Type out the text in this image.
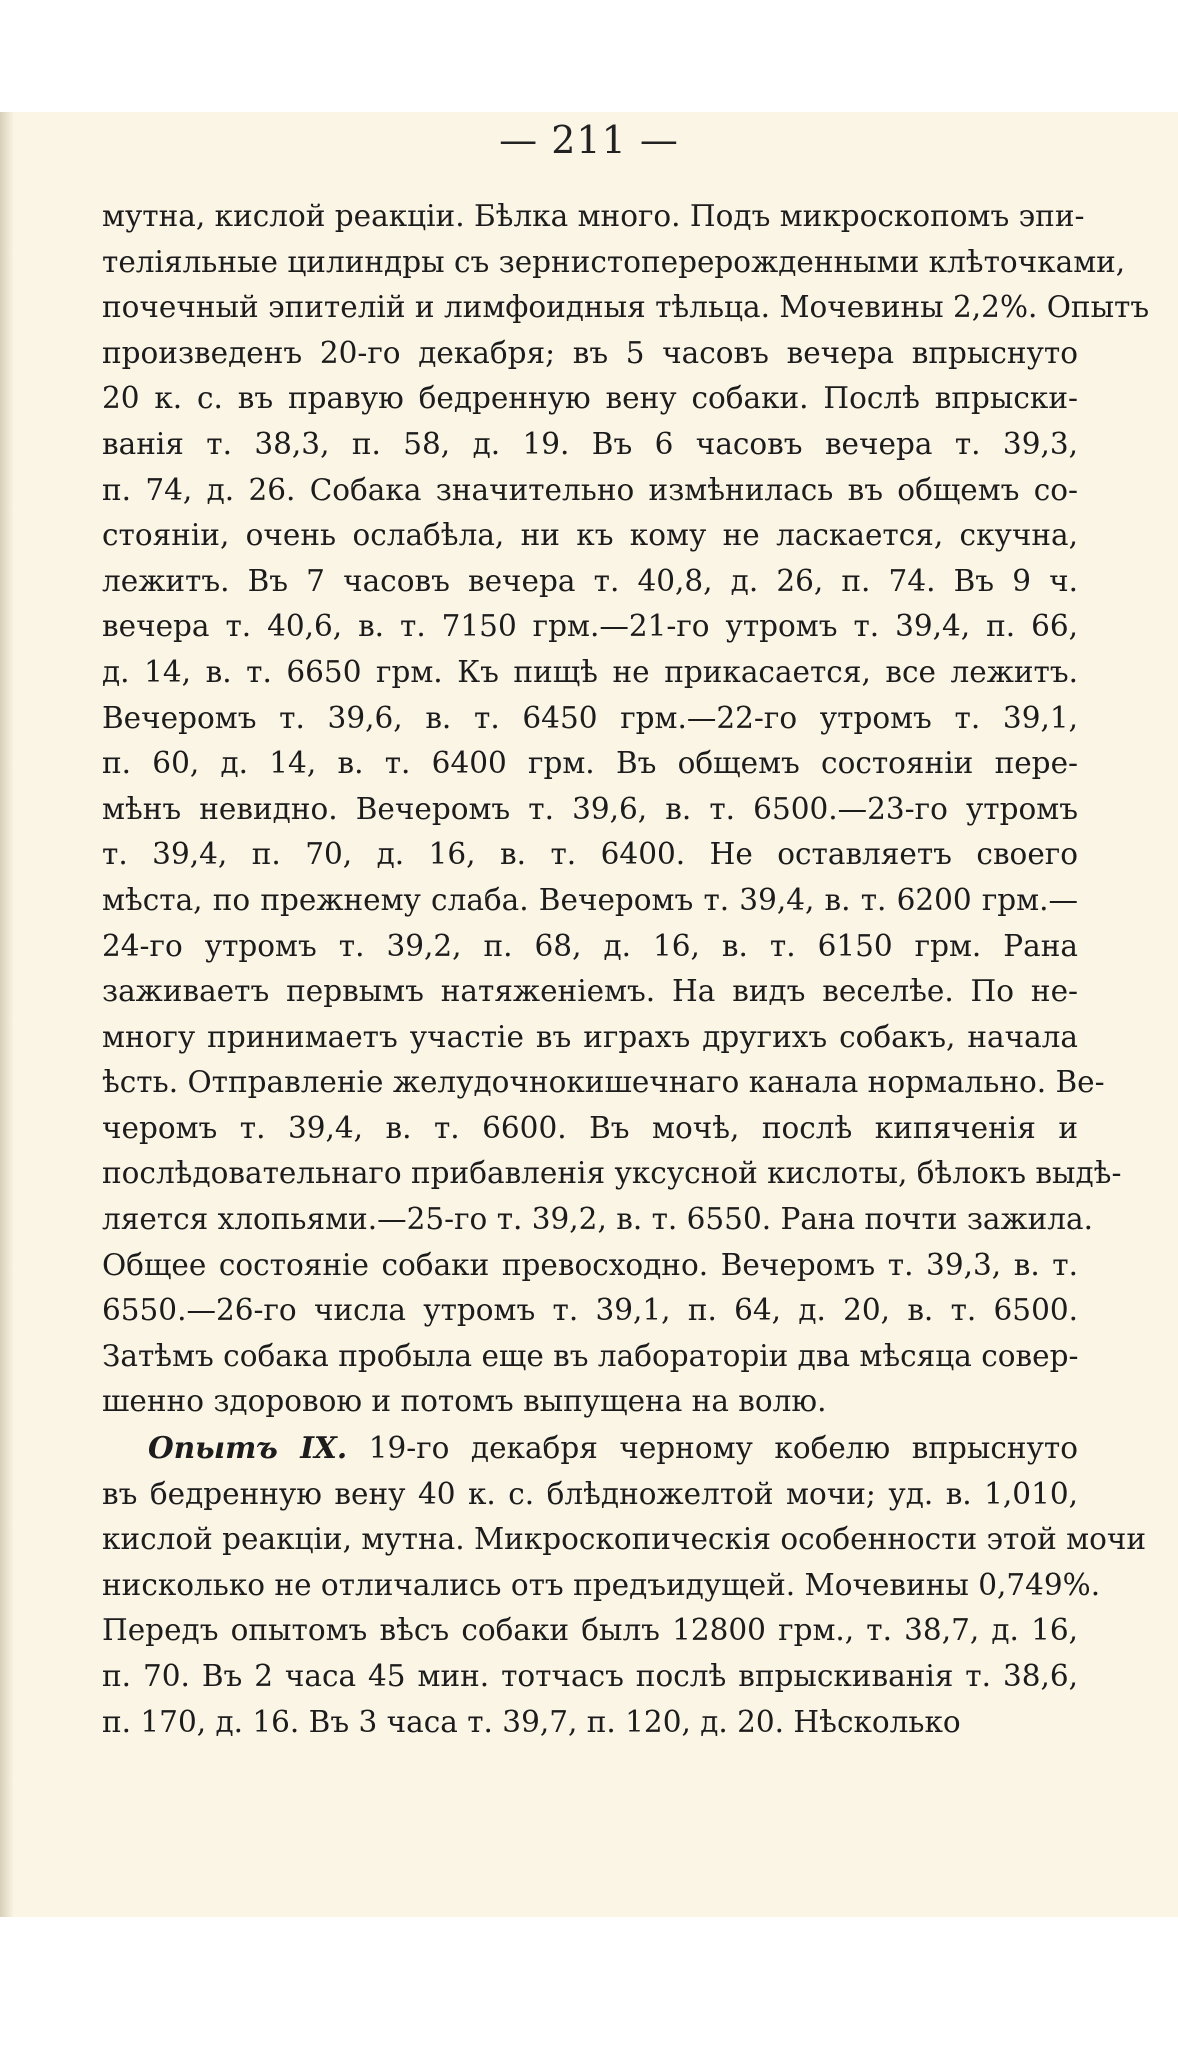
— 211 —
мутна, кислой реакціи. Бѣлка много. Подъ микроскопомъ эпи-
теліяльные цилиндры съ зернистоперерожденными клѣточками,
почечный эпителій и лимфоидныя тѣльца. Мочевины 2,2%. Опытъ
произведенъ 20-го декабря; въ 5 часовъ вечера впрыснуто
20 к. с. въ правую бедренную вену собаки. Послѣ впрыски-
ванія т. 38,3, п. 58, д. 19. Въ 6 часовъ вечера т. 39,3,
п. 74, д. 26. Собака значительно измѣнилась въ общемъ со-
стояніи, очень ослабѣла, ни къ кому не ласкается, скучна,
лежитъ. Въ 7 часовъ вечера т. 40,8, д. 26, п. 74. Въ 9 ч.
вечера т. 40,6, в. т. 7150 грм.—21-го утромъ т. 39,4, п. 66,
д. 14, в. т. 6650 грм. Къ пищѣ не прикасается, все лежитъ.
Вечеромъ т. 39,6, в. т. 6450 грм.—22-го утромъ т. 39,1,
п. 60, д. 14, в. т. 6400 грм. Въ общемъ состояніи пере-
мѣнъ невидно. Вечеромъ т. 39,6, в. т. 6500.—23-го утромъ
т. 39,4, п. 70, д. 16, в. т. 6400. Не оставляетъ своего
мѣста, по прежнему слаба. Вечеромъ т. 39,4, в. т. 6200 грм.—
24-го утромъ т. 39,2, п. 68, д. 16, в. т. 6150 грм. Рана
заживаетъ первымъ натяженіемъ. На видъ веселѣе. По не-
многу принимаетъ участіе въ играхъ другихъ собакъ, начала
ѣсть. Отправленіе желудочнокишечнаго канала нормально. Ве-
черомъ т. 39,4, в. т. 6600. Въ мочѣ, послѣ кипяченія и
послѣдовательнаго прибавленія уксусной кислоты, бѣлокъ выдѣ-
ляется хлопьями.—25-го т. 39,2, в. т. 6550. Рана почти зажила.
Общее состояніе собаки превосходно. Вечеромъ т. 39,3, в. т.
6550.—26-го числа утромъ т. 39,1, п. 64, д. 20, в. т. 6500.
Затѣмъ собака пробыла еще въ лабораторіи два мѣсяца совер-
шенно здоровою и потомъ выпущена на волю.
Опытъ IX. 19-го декабря черному кобелю впрыснуто
въ бедренную вену 40 к. с. блѣдножелтой мочи; уд. в. 1,010,
кислой реакціи, мутна. Микроскопическія особенности этой мочи
нисколько не отличались отъ предъидущей. Мочевины 0,749%.
Передъ опытомъ вѣсъ собаки былъ 12800 грм., т. 38,7, д. 16,
п. 70. Въ 2 часа 45 мин. тотчасъ послѣ впрыскиванія т. 38,6,
п. 170, д. 16. Въ 3 часа т. 39,7, п. 120, д. 20. Нѣсколько
